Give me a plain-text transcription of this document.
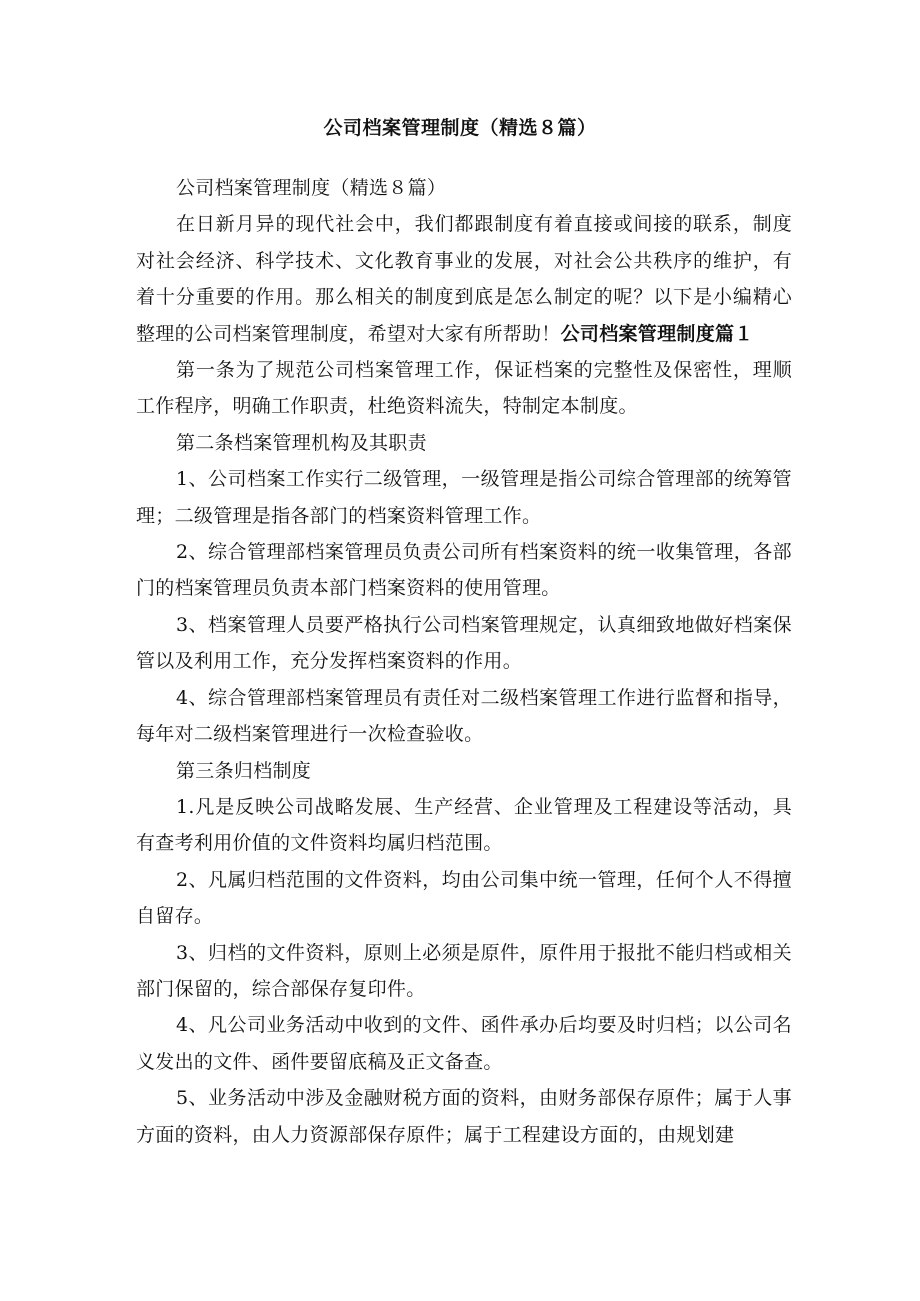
公司档案管理制度（精选８篇）

公司档案管理制度（精选８篇）

在日新月异的现代社会中，我们都跟制度有着直接或间接的联系，制度对社会经济、科学技术、文化教育事业的发展，对社会公共秩序的维护，有着十分重要的作用。那么相关的制度到底是怎么制定的呢？以下是小编精心整理的公司档案管理制度，希望对大家有所帮助！公司档案管理制度篇１

第一条为了规范公司档案管理工作，保证档案的完整性及保密性，理顺工作程序，明确工作职责，杜绝资料流失，特制定本制度。

第二条档案管理机构及其职责

1、公司档案工作实行二级管理，一级管理是指公司综合管理部的统筹管理；二级管理是指各部门的档案资料管理工作。

2、综合管理部档案管理员负责公司所有档案资料的统一收集管理，各部门的档案管理员负责本部门档案资料的使用管理。

3、档案管理人员要严格执行公司档案管理规定，认真细致地做好档案保管以及利用工作，充分发挥档案资料的作用。

4、综合管理部档案管理员有责任对二级档案管理工作进行监督和指导，每年对二级档案管理进行一次检查验收。

第三条归档制度

1.凡是反映公司战略发展、生产经营、企业管理及工程建设等活动，具有查考利用价值的文件资料均属归档范围。

2、凡属归档范围的文件资料，均由公司集中统一管理，任何个人不得擅自留存。

3、归档的文件资料，原则上必须是原件，原件用于报批不能归档或相关部门保留的，综合部保存复印件。

4、凡公司业务活动中收到的文件、函件承办后均要及时归档；以公司名义发出的文件、函件要留底稿及正文备查。

5、业务活动中涉及金融财税方面的资料，由财务部保存原件；属于人事方面的资料，由人力资源部保存原件；属于工程建设方面的，由规划建
